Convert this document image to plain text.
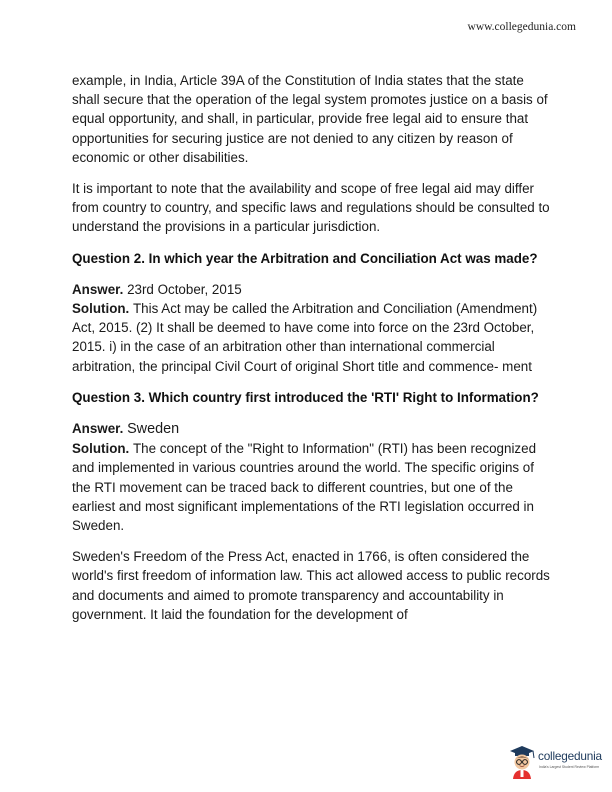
www.collegedunia.com

example, in India, Article 39A of the Constitution of India states that the state shall secure that the operation of the legal system promotes justice on a basis of equal opportunity, and shall, in particular, provide free legal aid to ensure that opportunities for securing justice are not denied to any citizen by reason of economic or other disabilities.

It is important to note that the availability and scope of free legal aid may differ from country to country, and specific laws and regulations should be consulted to understand the provisions in a particular jurisdiction.

Question 2. In which year the Arbitration and Conciliation Act was made?

Answer. 23rd October, 2015
Solution. This Act may be called the Arbitration and Conciliation (Amendment) Act, 2015. (2) It shall be deemed to have come into force on the 23rd October, 2015. i) in the case of an arbitration other than international commercial arbitration, the principal Civil Court of original Short title and commence- ment

Question 3. Which country first introduced the 'RTI' Right to Information?

Answer. Sweden
Solution. The concept of the "Right to Information" (RTI) has been recognized and implemented in various countries around the world. The specific origins of the RTI movement can be traced back to different countries, but one of the earliest and most significant implementations of the RTI legislation occurred in Sweden.

Sweden's Freedom of the Press Act, enacted in 1766, is often considered the world's first freedom of information law. This act allowed access to public records and documents and aimed to promote transparency and accountability in government. It laid the foundation for the development of

collegedunia
India's Largest Student Review Platform
